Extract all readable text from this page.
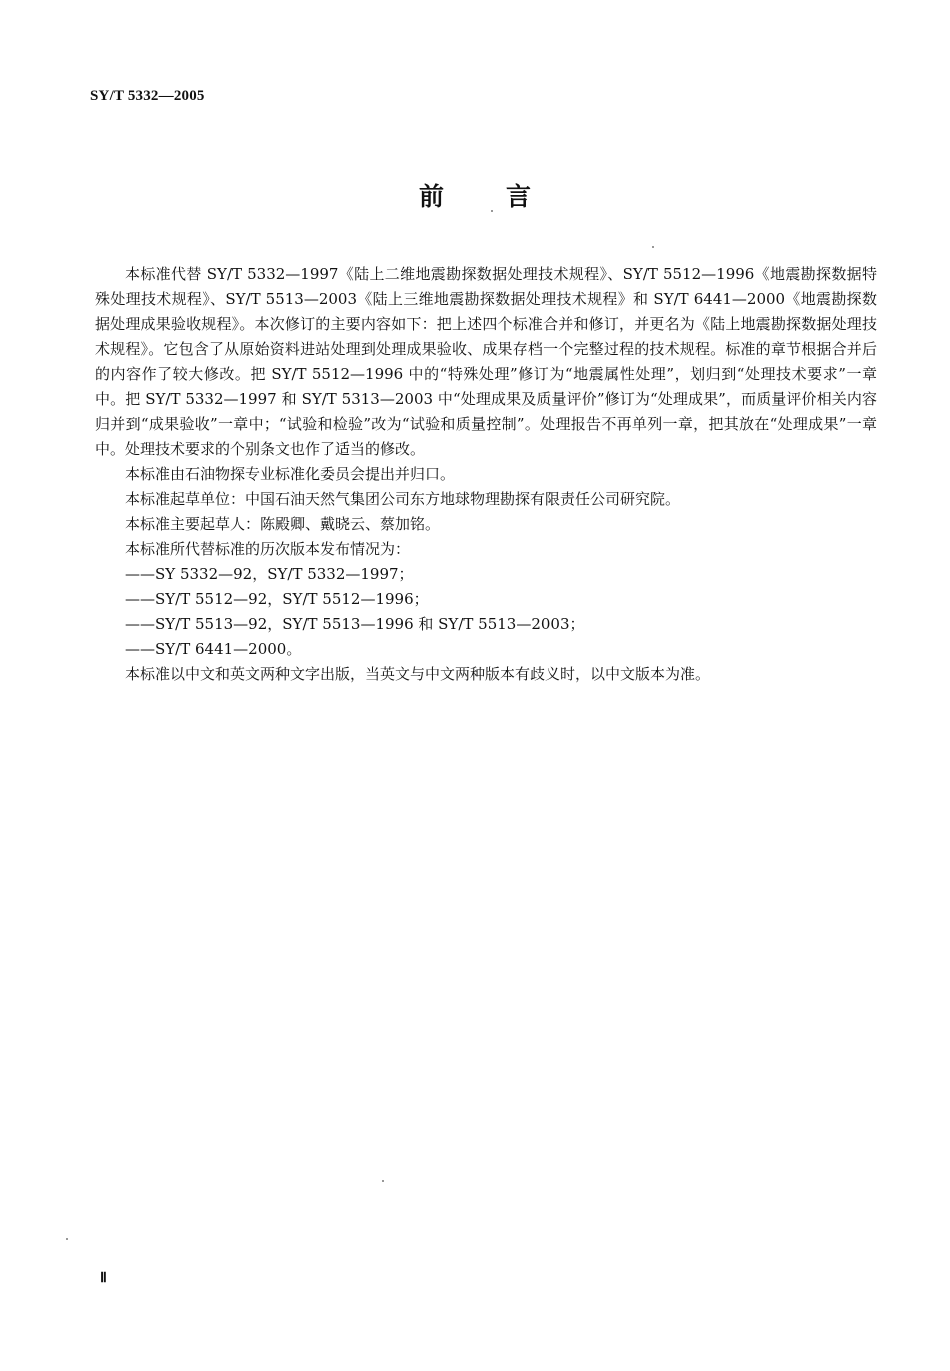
SY/T 5332—2005
前 言

本标准代替 SY/T 5332—1997《陆上二维地震勘探数据处理技术规程》、SY/T 5512—1996《地震勘探数据特殊处理技术规程》、SY/T 5513—2003《陆上三维地震勘探数据处理技术规程》和 SY/T 6441—2000《地震勘探数据处理成果验收规程》。本次修订的主要内容如下：把上述四个标准合并和修订，并更名为《陆上地震勘探数据处理技术规程》。它包含了从原始资料进站处理到处理成果验收、成果存档一个完整过程的技术规程。标准的章节根据合并后的内容作了较大修改。把 SY/T 5512—1996 中的“特殊处理”修订为“地震属性处理”，划归到“处理技术要求”一章中。把 SY/T 5332—1997 和 SY/T 5313—2003 中“处理成果及质量评价”修订为“处理成果”，而质量评价相关内容归并到“成果验收”一章中；“试验和检验”改为“试验和质量控制”。处理报告不再单列一章，把其放在“处理成果”一章中。处理技术要求的个别条文也作了适当的修改。

本标准由石油物探专业标准化委员会提出并归口。

本标准起草单位：中国石油天然气集团公司东方地球物理勘探有限责任公司研究院。

本标准主要起草人：陈殿卿、戴晓云、蔡加铭。

本标准所代替标准的历次版本发布情况为：

——SY 5332—92，SY/T 5332—1997；

——SY/T 5512—92，SY/T 5512—1996；

——SY/T 5513—92，SY/T 5513—1996 和 SY/T 5513—2003；

——SY/T 6441—2000。

本标准以中文和英文两种文字出版，当英文与中文两种版本有歧义时，以中文版本为准。

Ⅱ
